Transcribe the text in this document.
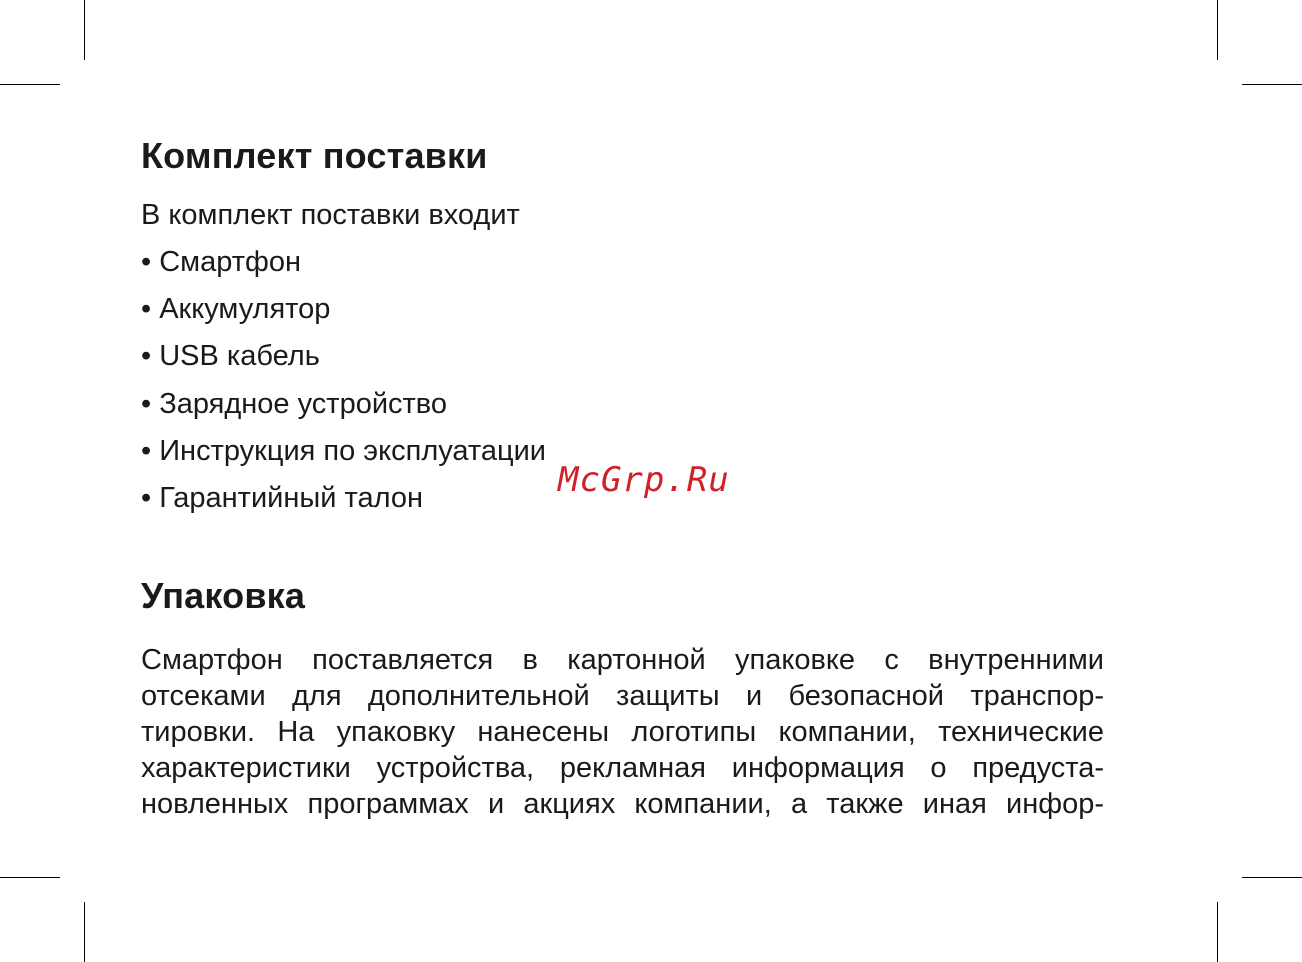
Комплект поставки

В комплект поставки входит

• Смартфон
• Аккумулятор
• USB кабель
• Зарядное устройство
• Инструкция по эксплуатации
• Гарантийный талон
Упаковка

Смартфон поставляется в картонной упаковке с внутренними
отсеками для дополнительной защиты и безопасной транспор-
тировки. На упаковку нанесены логотипы компании, технические
характеристики устройства, рекламная информация о предуста-
новленных программах и акциях компании, а также иная инфор-

McGrp.Ru
